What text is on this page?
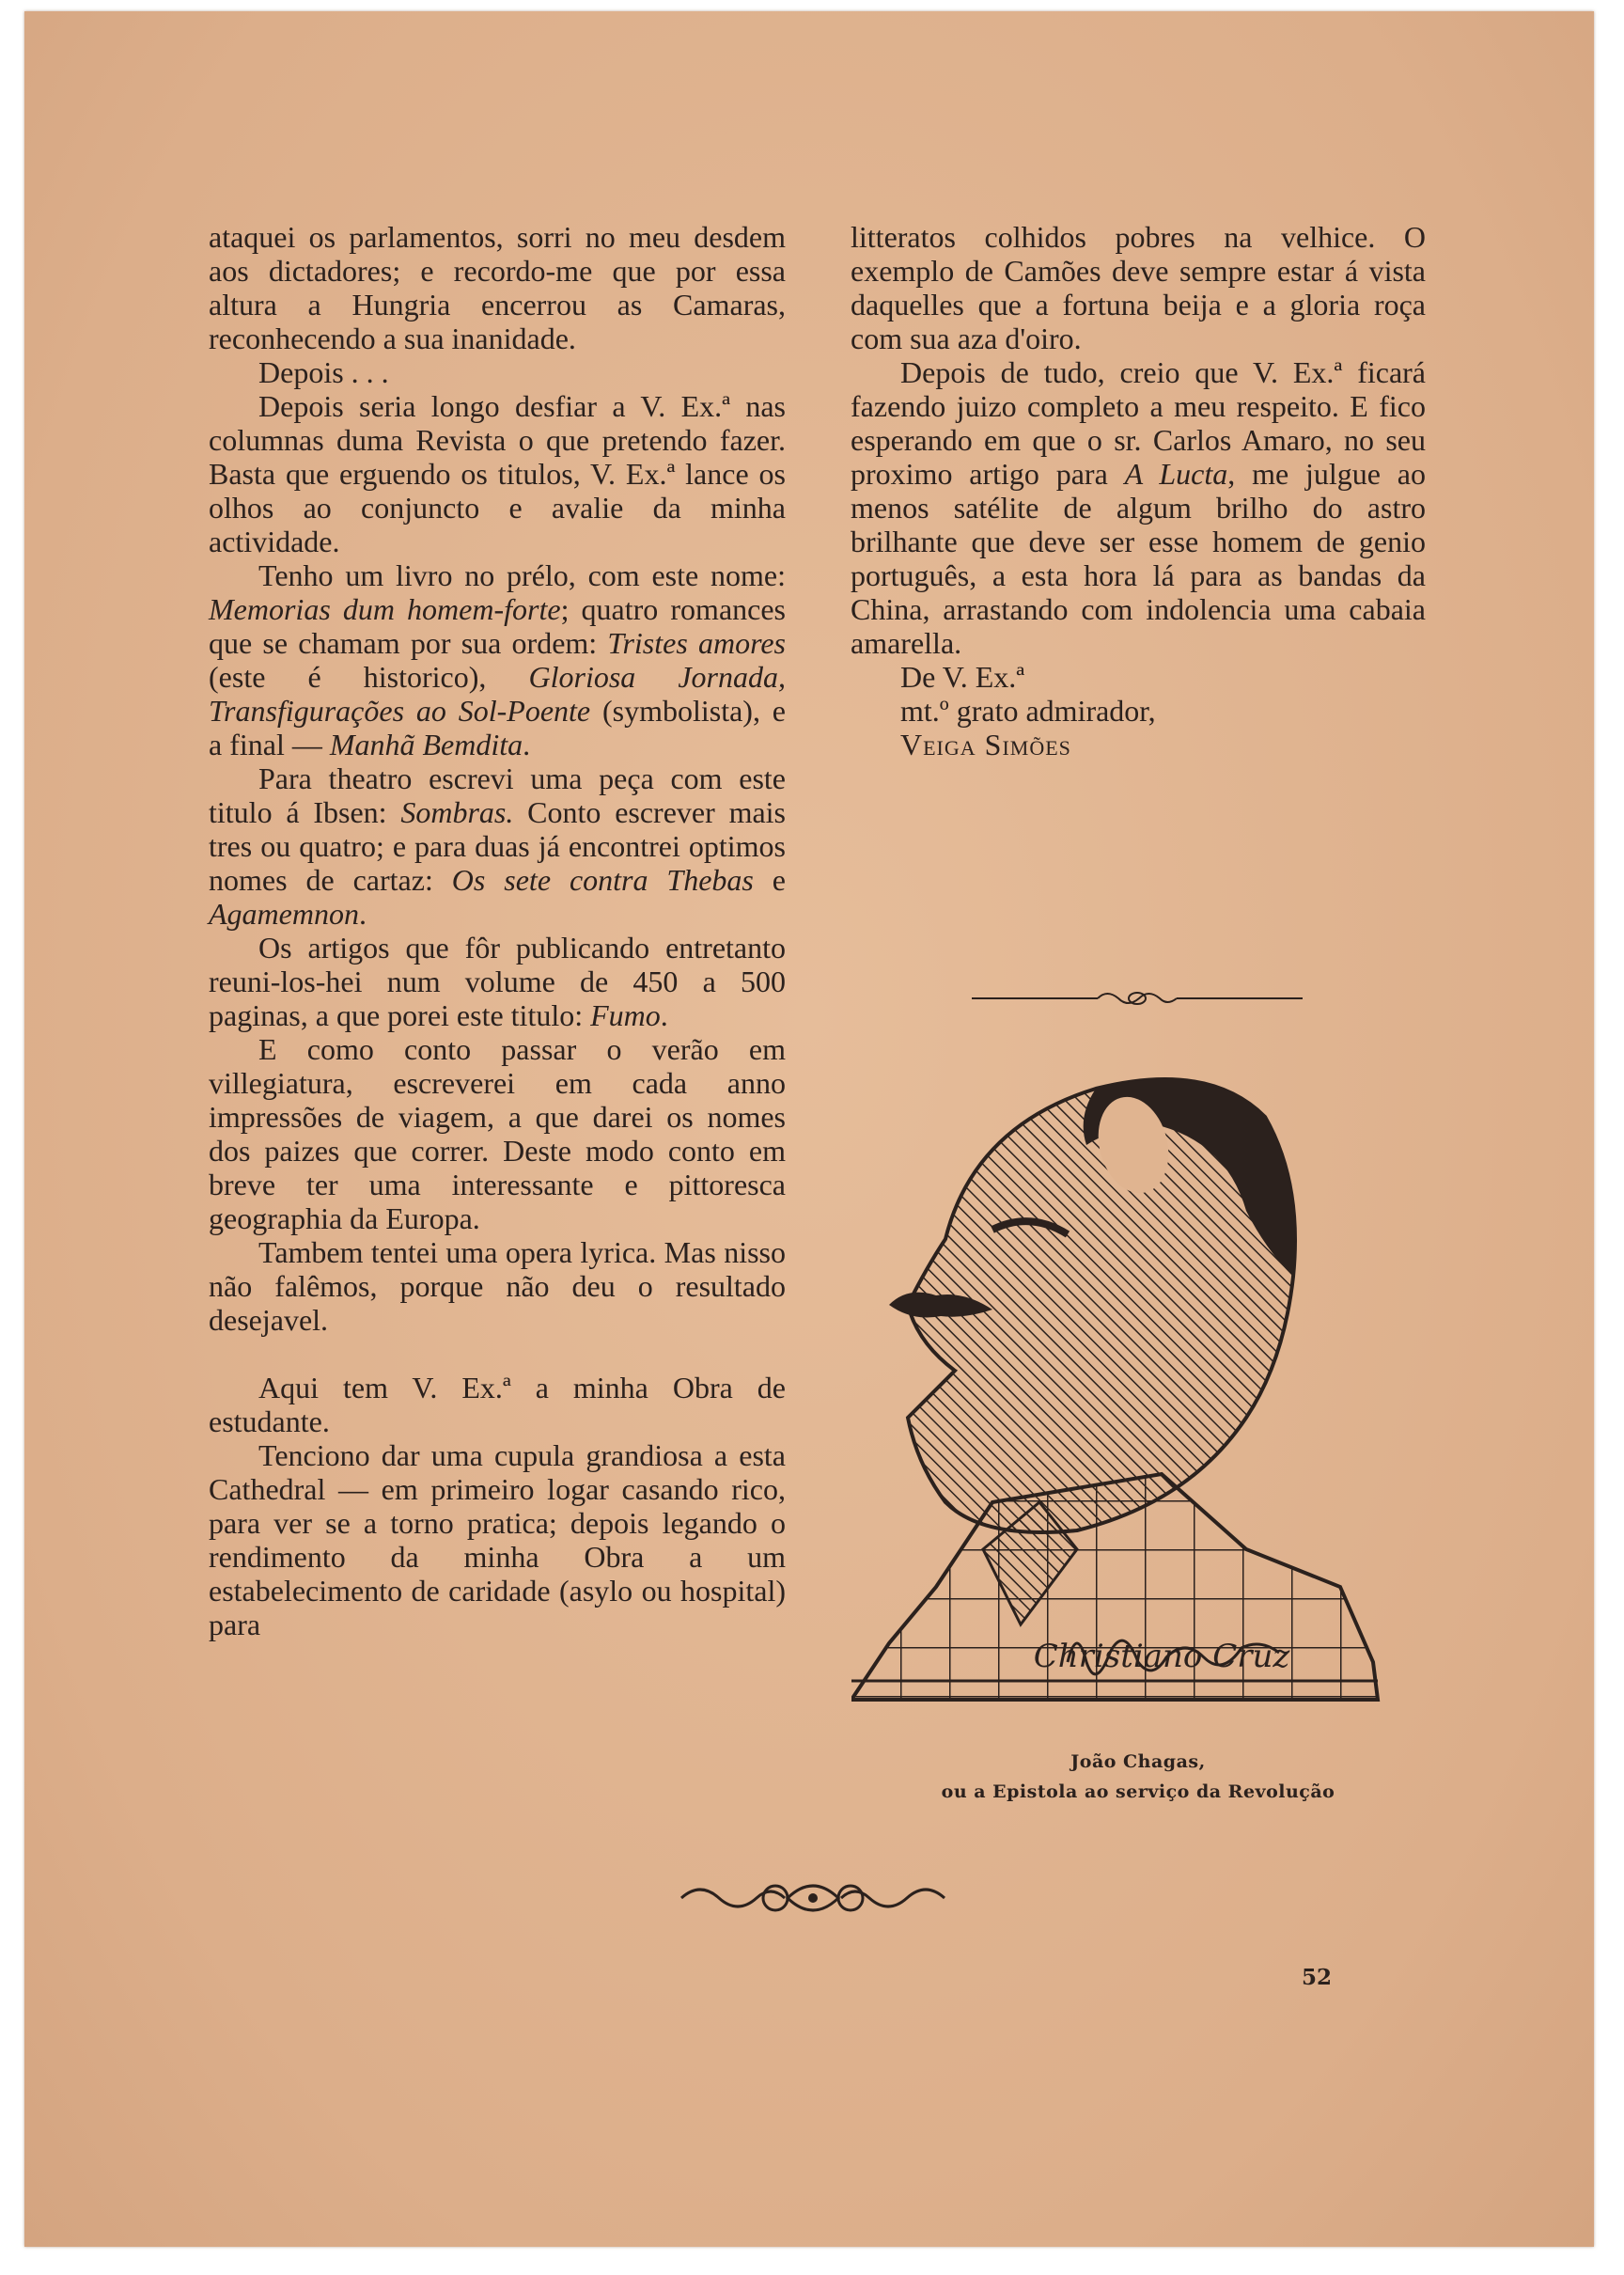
ataquei os parlamentos, sorri no meu desdem aos dictadores; e recordo-me que por essa altura a Hungria encerrou as Camaras, reconhecendo a sua inanidade.

Depois . . .

Depois seria longo desfiar a V. Ex.ª nas columnas duma Revista o que pretendo fazer. Basta que erguendo os titulos, V. Ex.ª lance os olhos ao conjuncto e avalie da minha actividade.

Tenho um livro no prélo, com este nome: Memorias dum homem-forte; quatro romances que se chamam por sua ordem: Tristes amores (este é historico), Gloriosa Jornada, Transfigurações ao Sol-Poente (symbolista), e a final — Manhã Bemdita.

Para theatro escrevi uma peça com este titulo á Ibsen: Sombras. Conto escrever mais tres ou quatro; e para duas já encontrei optimos nomes de cartaz: Os sete contra Thebas e Agamemnon.

Os artigos que fôr publicando entretanto reuni-los-hei num volume de 450 a 500 paginas, a que porei este titulo: Fumo.

E como conto passar o verão em villegiatura, escreverei em cada anno impressões de viagem, a que darei os nomes dos paizes que correr. Deste modo conto em breve ter uma interessante e pittoresca geographia da Europa.

Tambem tentei uma opera lyrica. Mas nisso não falêmos, porque não deu o resultado desejavel.

Aqui tem V. Ex.ª a minha Obra de estudante.

Tenciono dar uma cupula grandiosa a esta Cathedral — em primeiro logar casando rico, para ver se a torno pratica; depois legando o rendimento da minha Obra a um estabelecimento de caridade (asylo ou hospital) para

litteratos colhidos pobres na velhice. O exemplo de Camões deve sempre estar á vista daquelles que a fortuna beija e a gloria roça com sua aza d'oiro.

Depois de tudo, creio que V. Ex.ª ficará fazendo juizo completo a meu respeito. E fico esperando em que o sr. Carlos Amaro, no seu proximo artigo para A Lucta, me julgue ao menos satélite de algum brilho do astro brilhante que deve ser esse homem de genio português, a esta hora lá para as bandas da China, arrastando com indolencia uma cabaia amarella.

De V. Ex.ª

mt.º grato admirador,

Veiga Simões

Christiano Cruz
João Chagas,
ou a Epistola ao serviço da Revolução
52
